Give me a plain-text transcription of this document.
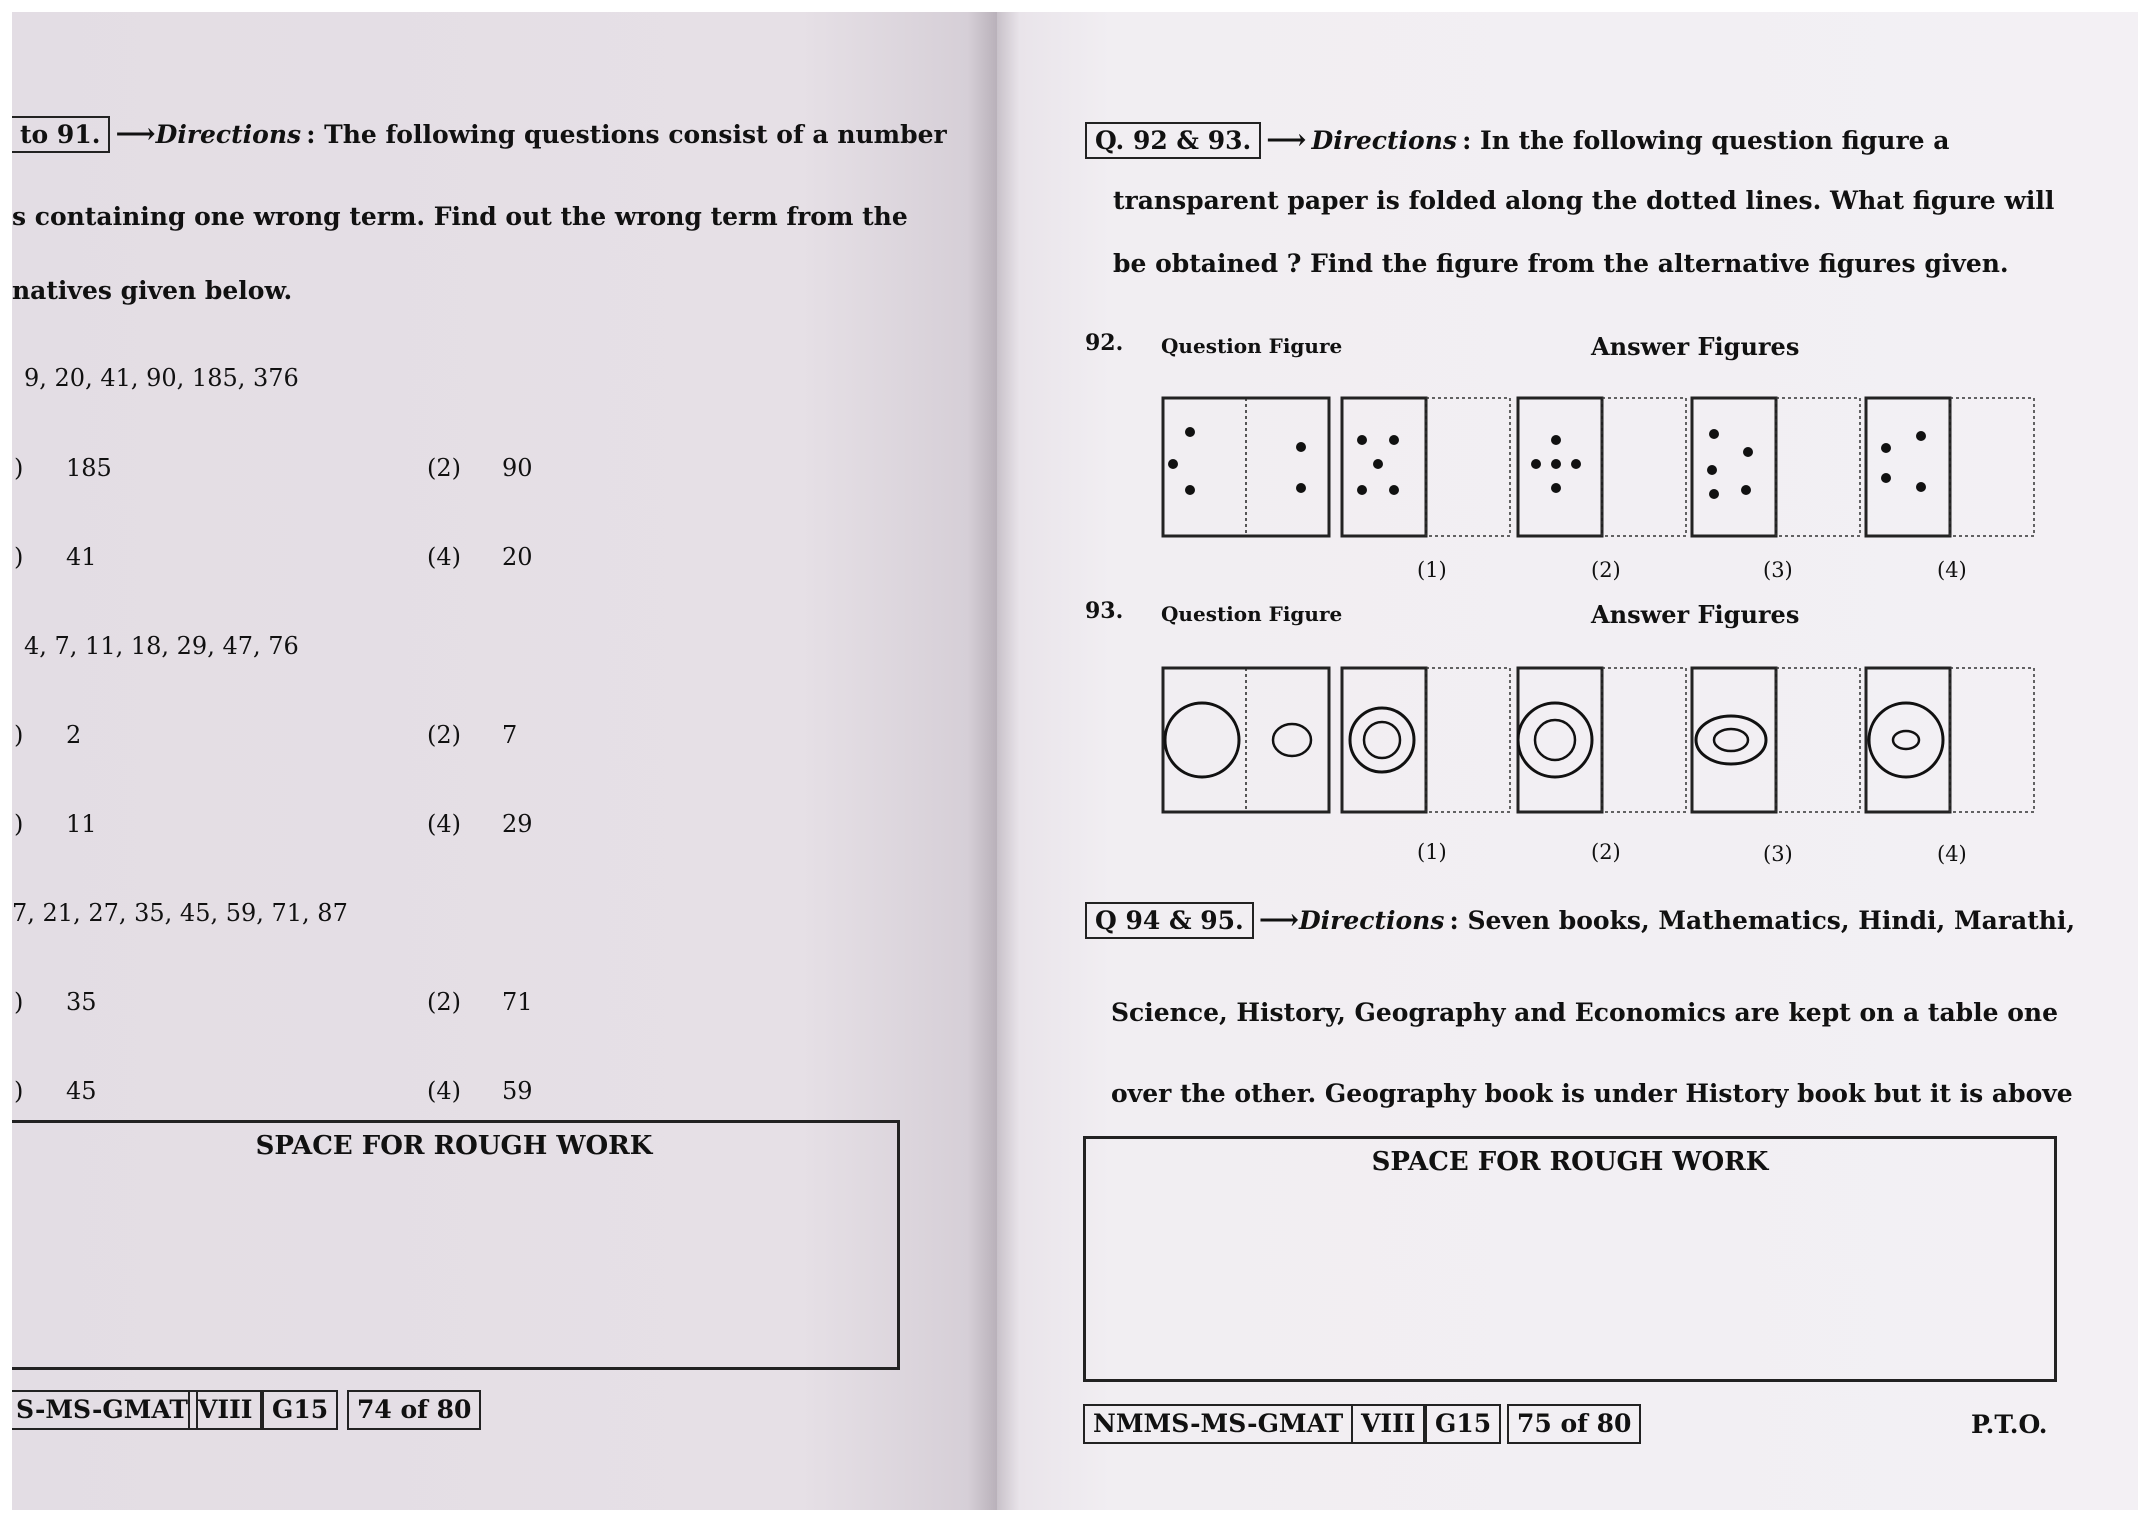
to 91. ⟶Directions : The following questions consist of a number
s containing one wrong term. Find out the wrong term from the
natives given below.
9, 20, 41, 90, 185, 376
) 185	(2) 90
) 41	(4) 20
4, 7, 11, 18, 29, 47, 76
) 2	(2) 7
) 11	(4) 29
7, 21, 27, 35, 45, 59, 71, 87
) 35	(2) 71
) 45	(4) 59
SPACE FOR ROUGH WORK
S-MS-GMAT VIII G15	74 of 80
Q. 92 & 93. ⟶ Directions : In the following question figure a
transparent paper is folded along the dotted lines. What figure will
be obtained ? Find the figure from the alternative figures given.
92. Question Figure	Answer Figures
(1)	(2)	(3)	(4)
93. Question Figure	Answer Figures
(1)	(2)	(3)	(4)
Q 94 & 95. ⟶Directions : Seven books, Mathematics, Hindi, Marathi,
Science, History, Geography and Economics are kept on a table one
over the other. Geography book is under History book but it is above
SPACE FOR ROUGH WORK
NMMS-MS-GMAT VIII G15	75 of 80	P.T.O.
